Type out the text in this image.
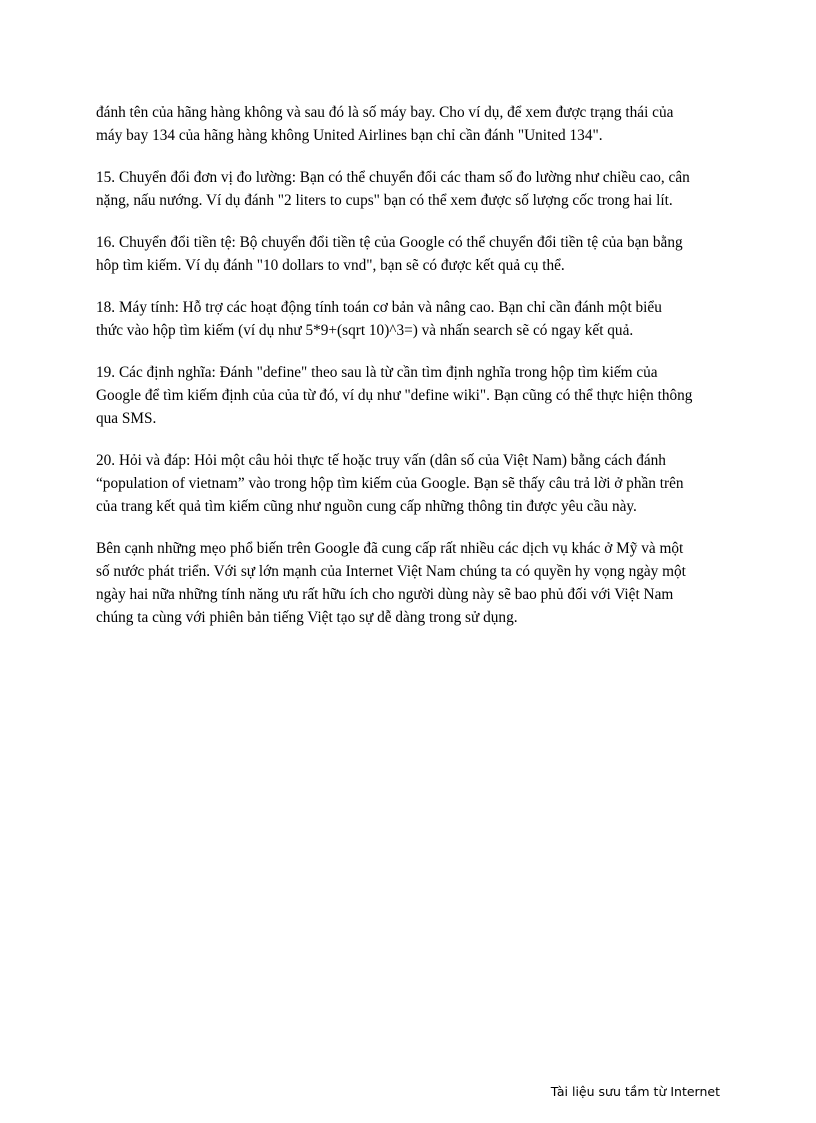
đánh tên của hãng hàng không và sau đó là số máy bay. Cho ví dụ, để xem được trạng thái của
máy bay 134 của hãng hàng không United Airlines bạn chỉ cần đánh "United 134".

15. Chuyển đổi đơn vị đo lường: Bạn có thể chuyển đổi các tham số đo lường như chiều cao, cân
nặng, nấu nướng. Ví dụ đánh "2 liters to cups" bạn có thể xem được số lượng cốc trong hai lít.

16. Chuyển đổi tiền tệ: Bộ chuyển đổi tiền tệ của Google có thể chuyển đổi tiền tệ của bạn bằng
hôp tìm kiếm. Ví dụ đánh "10 dollars to vnd", bạn sẽ có được kết quả cụ thể.

18. Máy tính: Hỗ trợ các hoạt động tính toán cơ bản và nâng cao. Bạn chỉ cần đánh một biểu
thức vào hộp tìm kiếm (ví dụ như 5*9+(sqrt 10)^3=) và nhấn search sẽ có ngay kết quả.

19. Các định nghĩa: Đánh "define" theo sau là từ cần tìm định nghĩa trong hộp tìm kiếm của
Google để tìm kiếm định của của từ đó, ví dụ như "define wiki". Bạn cũng có thể thực hiện thông
qua SMS.

20. Hỏi và đáp: Hỏi một câu hỏi thực tế hoặc truy vấn (dân số của Việt Nam) bằng cách đánh
“population of vietnam” vào trong hộp tìm kiếm của Google. Bạn sẽ thấy câu trả lời ở phần trên
của trang kết quả tìm kiếm cũng như nguồn cung cấp những thông tin được yêu cầu này.

Bên cạnh những mẹo phổ biến trên Google đã cung cấp rất nhiều các dịch vụ khác ở Mỹ và một
số nước phát triển. Với sự lớn mạnh của Internet Việt Nam chúng ta có quyền hy vọng ngày một
ngày hai nữa những tính năng ưu rất hữu ích cho người dùng này sẽ bao phủ đối với Việt Nam
chúng ta cùng với phiên bản tiếng Việt tạo sự dễ dàng trong sử dụng.

Tài liệu sưu tầm từ Internet
